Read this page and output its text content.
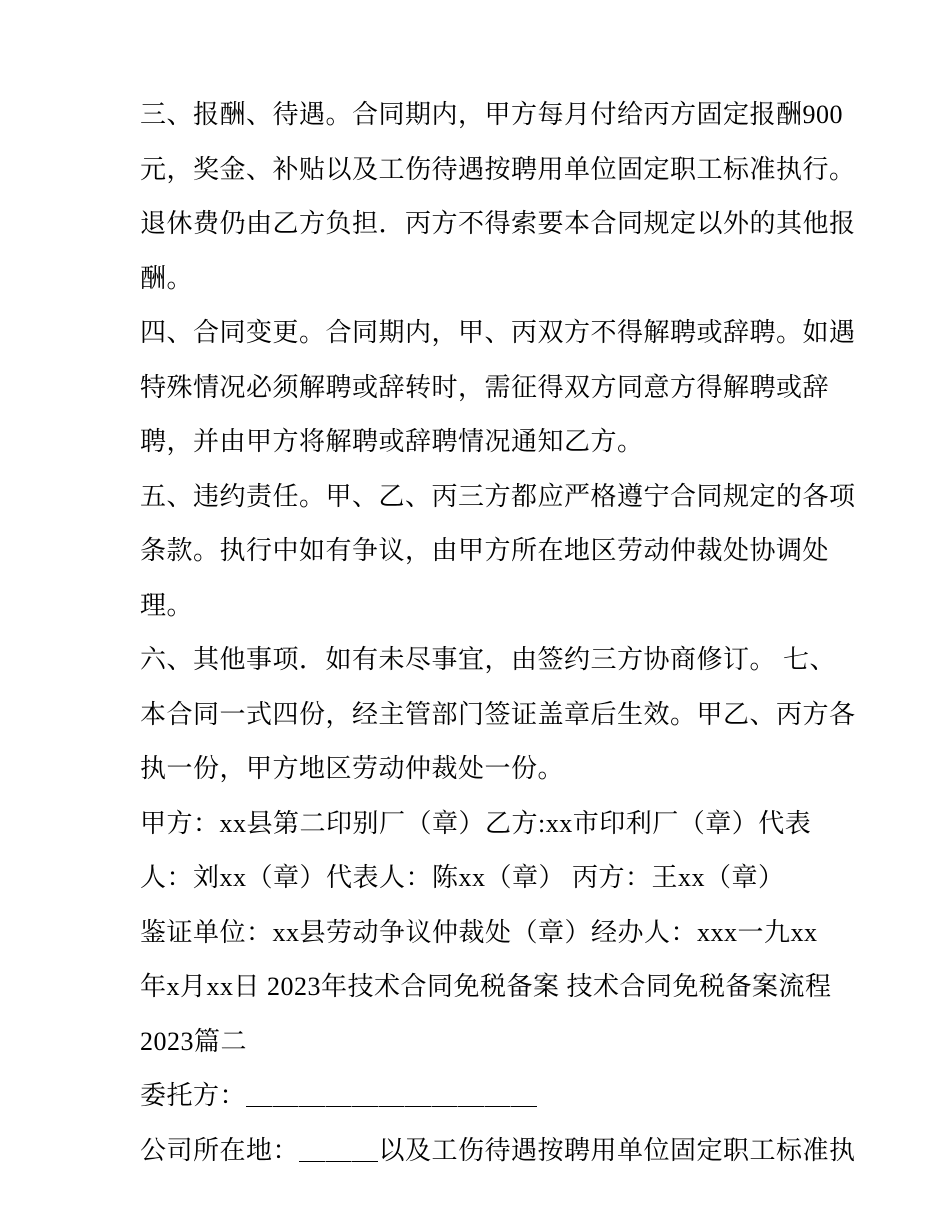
三、报酬、待遇。合同期内，甲方每月付给丙方固定报酬900
元，奖金、补贴以及工伤待遇按聘用单位固定职工标准执行。
退休费仍由乙方负担．丙方不得索要本合同规定以外的其他报
酬。
四、合同变更。合同期内，甲、丙双方不得解聘或辞聘。如遇
特殊情况必须解聘或辞转时，需征得双方同意方得解聘或辞
聘，并由甲方将解聘或辞聘情况通知乙方。
五、违约责任。甲、乙、丙三方都应严格遵宁合同规定的各项
条款。执行中如有争议，由甲方所在地区劳动仲裁处协调处
理。
六、其他事项．如有未尽事宜，由签约三方协商修订。 七、
本合同一式四份，经主管部门签证盖章后生效。甲乙、丙方各
执一份，甲方地区劳动仲裁处一份。
甲方：xx县第二印别厂（章）乙方:xx市印利厂（章）代表
人：刘xx（章）代表人：陈xx（章） 丙方：王xx（章）
鉴证单位：xx县劳动争议仲裁处（章）经办人：xxx一九xx
年x月xx日 2023年技术合同免税备案 技术合同免税备案流程
2023篇二
委托方：＿＿＿＿＿＿＿＿＿＿＿
公司所在地：＿＿＿以及工伤待遇按聘用单位固定职工标准执
